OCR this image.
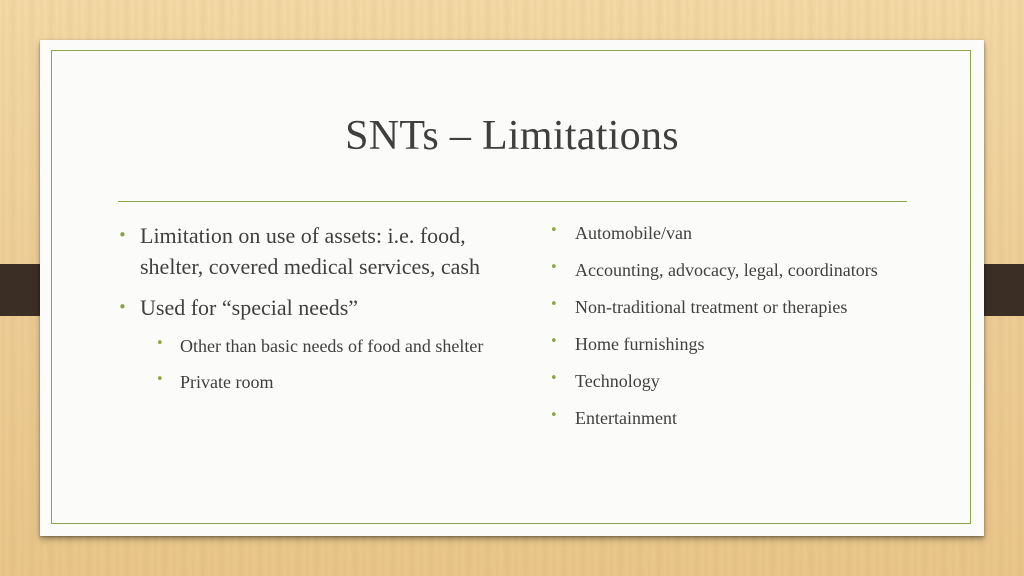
SNTs – Limitations
• Limitation on use of assets: i.e. food, shelter, covered medical services, cash
• Used for “special needs”
• Other than basic needs of food and shelter
• Private room
• Automobile/van
• Accounting, advocacy, legal, coordinators
• Non-traditional treatment or therapies
• Home furnishings
• Technology
• Entertainment
